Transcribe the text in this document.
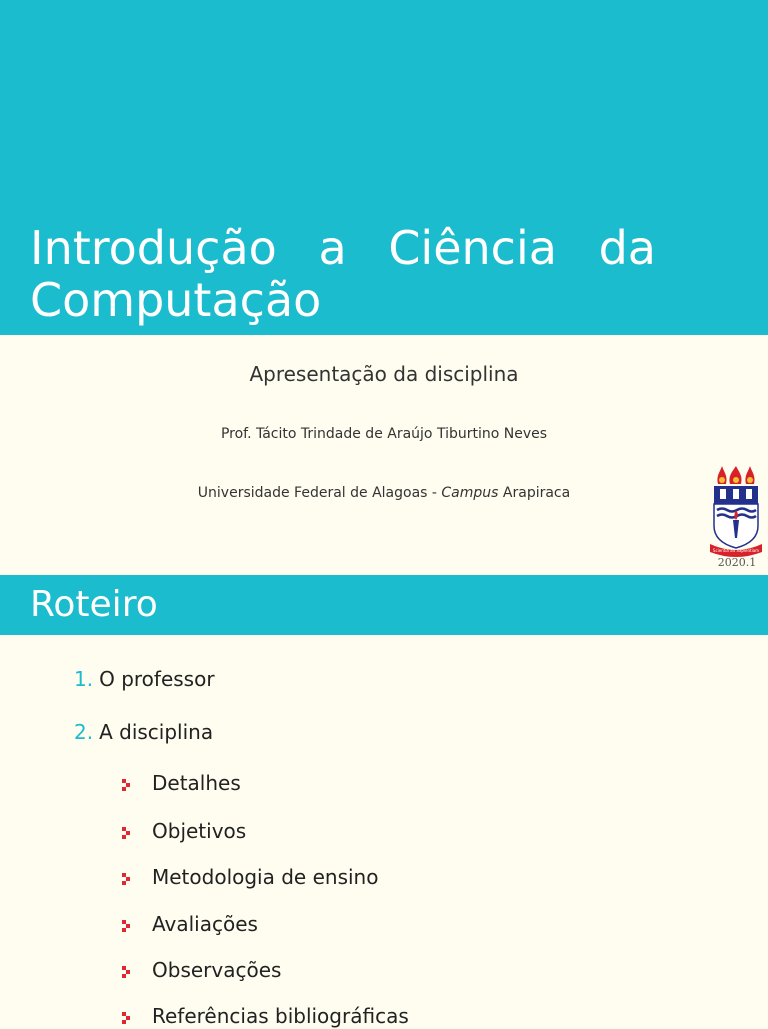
Introdução a Ciência da Computação
Apresentação da disciplina
Prof. Tácito Trindade de Araújo Tiburtino Neves
Universidade Federal de Alagoas - Campus Arapiraca
Scientia ad Sapientiam
2020.1
Roteiro
1. O professor
2. A disciplina
Detalhes
Objetivos
Metodologia de ensino
Avaliações
Observações
Referências bibliográficas
